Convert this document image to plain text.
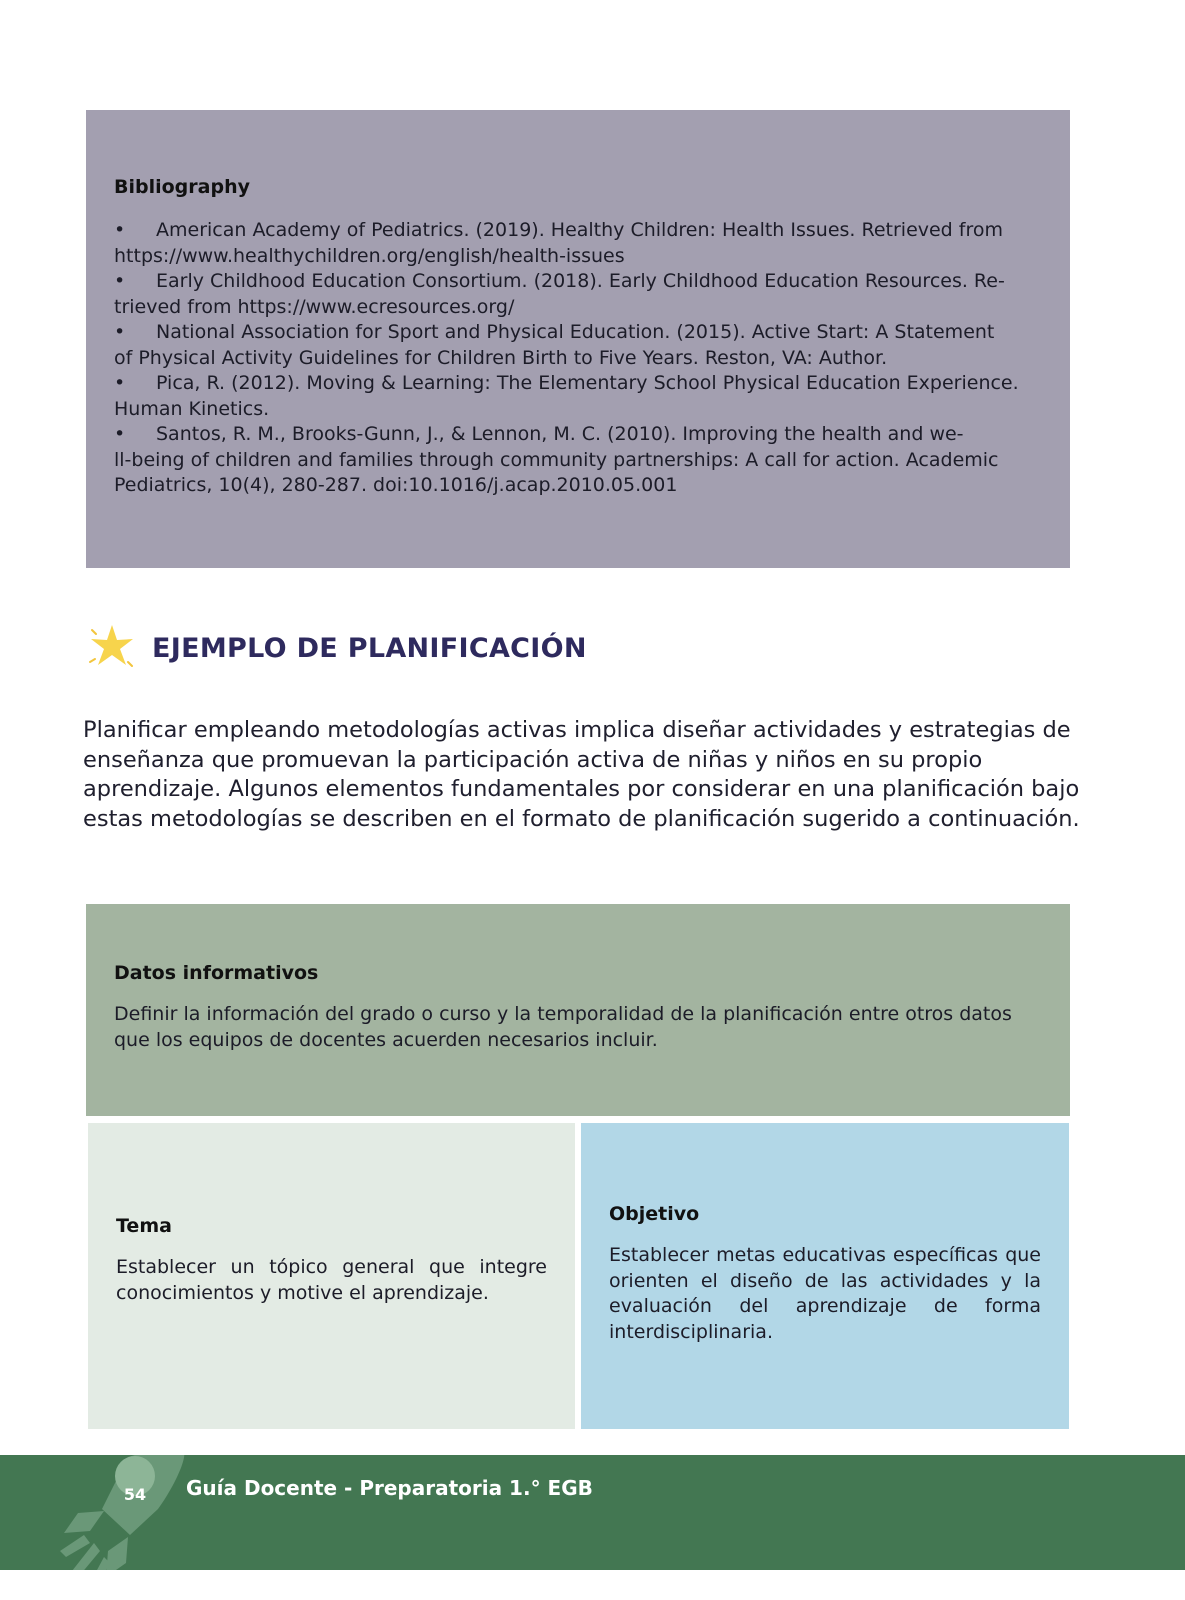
Bibliography
• American Academy of Pediatrics. (2019). Healthy Children: Health Issues. Retrieved from
https://www.healthychildren.org/english/health-issues
• Early Childhood Education Consortium. (2018). Early Childhood Education Resources. Re-
trieved from https://www.ecresources.org/
• National Association for Sport and Physical Education. (2015). Active Start: A Statement
of Physical Activity Guidelines for Children Birth to Five Years. Reston, VA: Author.
• Pica, R. (2012). Moving & Learning: The Elementary School Physical Education Experience.
Human Kinetics.
• Santos, R. M., Brooks-Gunn, J., & Lennon, M. C. (2010). Improving the health and we-
ll-being of children and families through community partnerships: A call for action. Academic
Pediatrics, 10(4), 280-287. doi:10.1016/j.acap.2010.05.001
EJEMPLO DE PLANIFICACIÓN
Planificar empleando metodologías activas implica diseñar actividades y estrategias de enseñanza que promuevan la participación activa de niñas y niños en su propio aprendizaje. Algunos elementos fundamentales por considerar en una planificación bajo estas metodologías se describen en el formato de planificación sugerido a continuación.
Datos informativos

Definir la información del grado o curso y la temporalidad de la planificación entre otros datos que los equipos de docentes acuerden necesarios incluir.

Tema

Establecer un tópico general que integre conocimientos y motive el aprendizaje.

Objetivo

Establecer metas educativas específicas que orienten el diseño de las actividades y la evaluación del aprendizaje de forma interdisciplinaria.

54	Guía Docente - Preparatoria 1.° EGB
